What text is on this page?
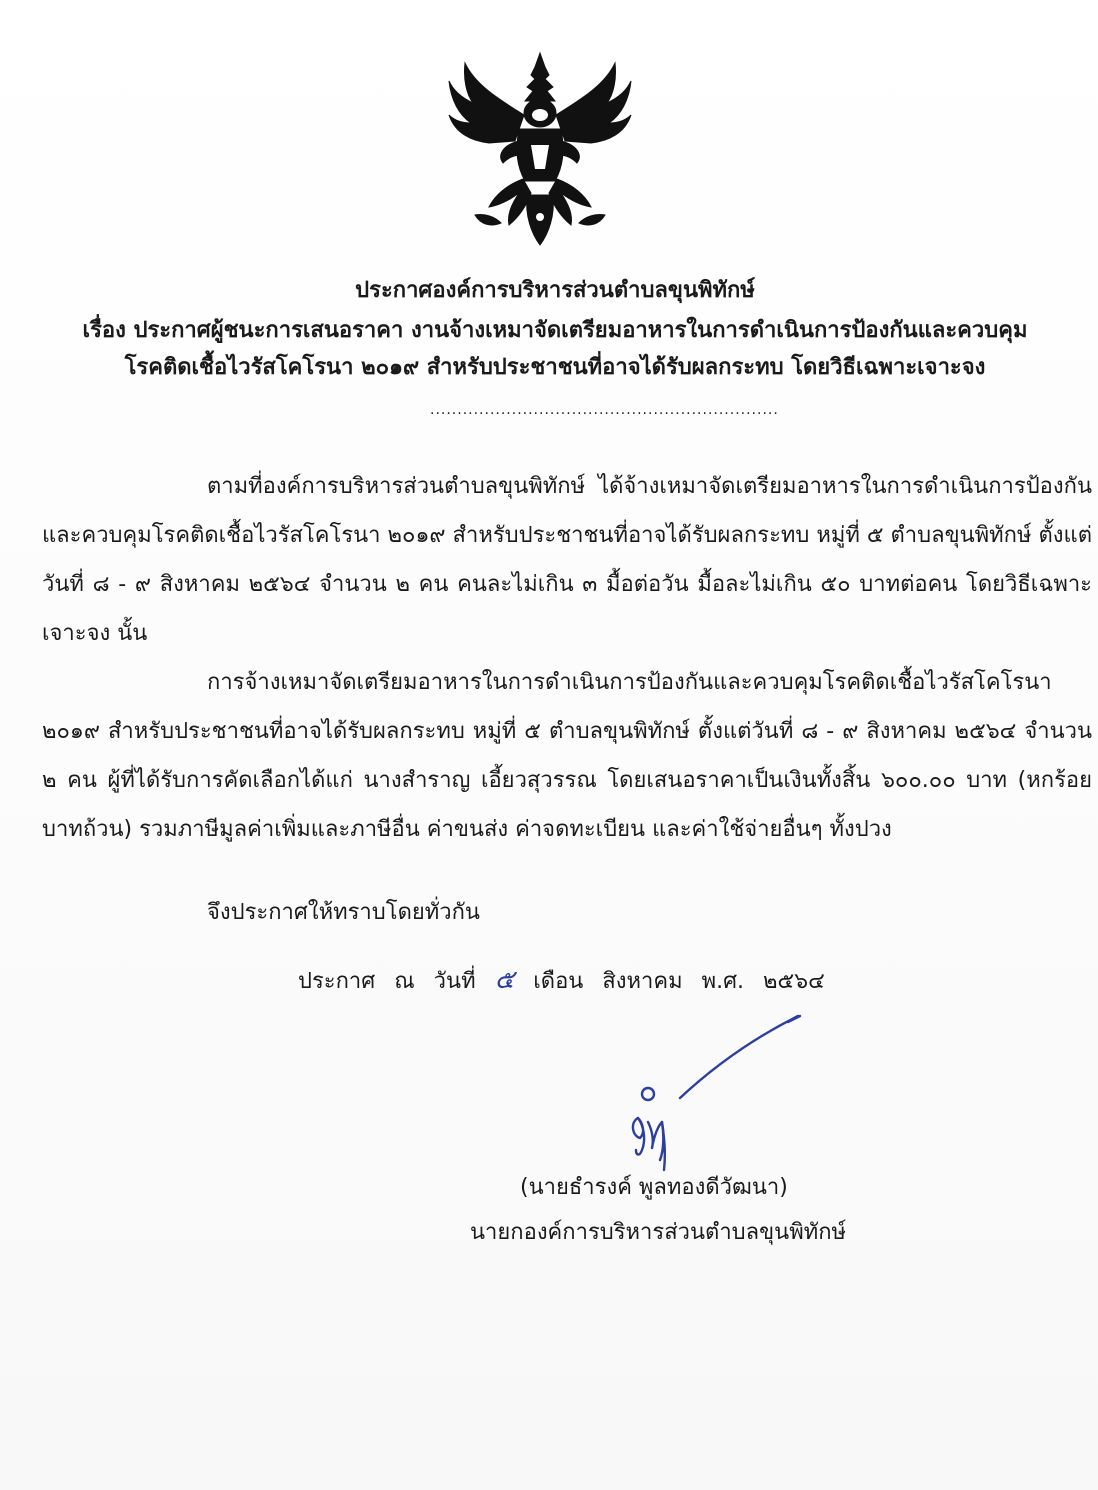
ประกาศองค์การบริหารส่วนตำบลขุนพิทักษ์
เรื่อง ประกาศผู้ชนะการเสนอราคา งานจ้างเหมาจัดเตรียมอาหารในการดำเนินการป้องกันและควบคุม
โรคติดเชื้อไวรัสโคโรนา ๒๐๑๙ สำหรับประชาชนที่อาจได้รับผลกระทบ โดยวิธีเฉพาะเจาะจง
................................................................
ตามที่องค์การบริหารส่วนตำบลขุนพิทักษ์ ได้จ้างเหมาจัดเตรียมอาหารในการดำเนินการป้องกันและควบคุมโรคติดเชื้อไวรัสโคโรนา ๒๐๑๙ สำหรับประชาชนที่อาจได้รับผลกระทบ หมู่ที่ ๕ ตำบลขุนพิทักษ์ ตั้งแต่วันที่ ๘ - ๙ สิงหาคม ๒๕๖๔ จำนวน ๒ คน คนละไม่เกิน ๓ มื้อต่อวัน มื้อละไม่เกิน ๕๐ บาทต่อคน โดยวิธีเฉพาะเจาะจง นั้น
การจ้างเหมาจัดเตรียมอาหารในการดำเนินการป้องกันและควบคุมโรคติดเชื้อไวรัสโคโรนา ๒๐๑๙ สำหรับประชาชนที่อาจได้รับผลกระทบ หมู่ที่ ๕ ตำบลขุนพิทักษ์ ตั้งแต่วันที่ ๘ - ๙ สิงหาคม ๒๕๖๔ จำนวน ๒ คน ผู้ที่ได้รับการคัดเลือกได้แก่ นางสำราญ เอี้ยวสุวรรณ โดยเสนอราคาเป็นเงินทั้งสิ้น ๖๐๐.๐๐ บาท (หกร้อยบาทถ้วน) รวมภาษีมูลค่าเพิ่มและภาษีอื่น ค่าขนส่ง ค่าจดทะเบียน และค่าใช้จ่ายอื่นๆ ทั้งปวง
จึงประกาศให้ทราบโดยทั่วกัน
ประกาศ ณ วันที่ ๕ เดือน สิงหาคม พ.ศ. ๒๕๖๔
(นายธำรงค์ พูลทองดีวัฒนา)
นายกองค์การบริหารส่วนตำบลขุนพิทักษ์
